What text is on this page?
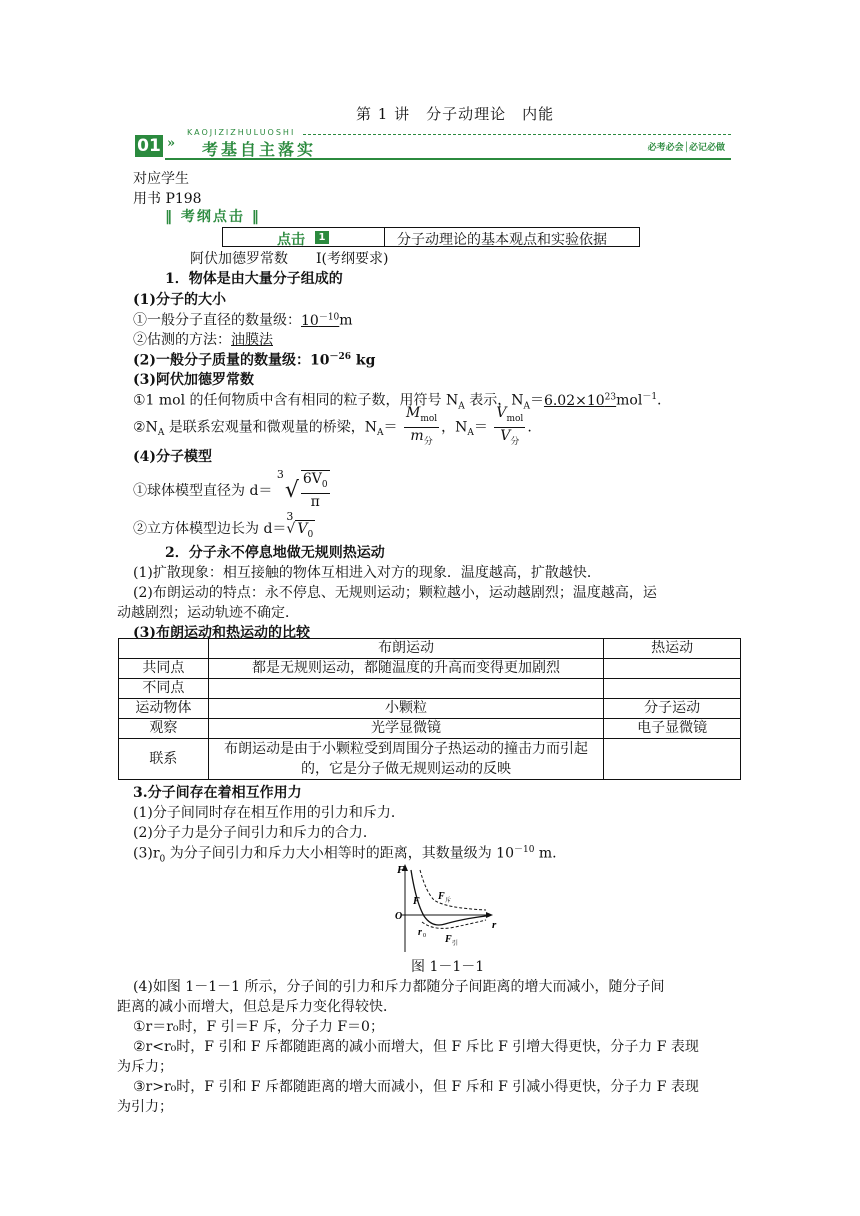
第 1 讲　分子动理论　内能
KAOJIZIZHULUOSHI
01 » 考基自主落实	必考必会│必记必做
对应学生
用书 P198
‖ 考纲点击 ‖
点击	1	分子动理论的基本观点和实验依据
阿伏加德罗常数　　Ⅰ(考纲要求)
1．物体是由大量分子组成的
(1)分子的大小
①一般分子直径的数量级：$10^{-10}m$
②估测的方法：油膜法
(2)一般分子质量的数量级：$10^{-26}$ kg
(3)阿伏加德罗常数
①1 mol 的任何物质中含有相同的粒子数，用符号 $N_A$ 表示，$N_A=6.02\times 10^{23}mol^{-1}$.
$②N_A$ 是联系宏观量和微观量的桥梁，$N_A= \frac{M_{mol}}{m_分}$ ，$N_A= \frac{V_{mol}}{V_分}$ .
(4)分子模型
①球体模型直径为 d＝
3
√ $\frac{6V_0}{\pi}$
②立方体模型边长为 d＝
3
√ $V_0$
2．分子永不停息地做无规则热运动
(1)扩散现象：相互接触的物体互相进入对方的现象．温度越高，扩散越快．
(2)布朗运动的特点：永不停息、无规则运动；颗粒越小，运动越剧烈；温度越高，运
动越剧烈；运动轨迹不确定．
(3)布朗运动和热运动的比较
	布朗运动	热运动
共同点	都是无规则运动，都随温度的升高而变得更加剧烈	
不同点		
运动物体	小颗粒	分子运动
观察	光学显微镜	电子显微镜
联系	布朗运动是由于小颗粒受到周围分子热运动的撞击力而引起的，它是分子做无规则运动的反映	
3.分子间存在着相互作用力
(1)分子间同时存在相互作用的引力和斥力．
(2)分子力是分子间引力和斥力的合力．
$(3)r_0$ 为分子间引力和斥力大小相等时的距离，其数量级为 $10^{-10}$ m.
F
r
O
F F 斥
r 0 F 引
图 1－1－1
(4)如图 1－1－1 所示，分子间的引力和斥力都随分子间距离的增大而减小，随分子间
距离的减小而增大，但总是斥力变化得较快．
①r＝r₀时，F 引＝F 斥，分子力 F＝0；
②r<r₀时，F 引和 F 斥都随距离的减小而增大，但 F 斥比 F 引增大得更快，分子力 F 表现
为斥力；
③r>r₀时，F 引和 F 斥都随距离的增大而减小，但 F 斥和 F 引减小得更快，分子力 F 表现
为引力；
